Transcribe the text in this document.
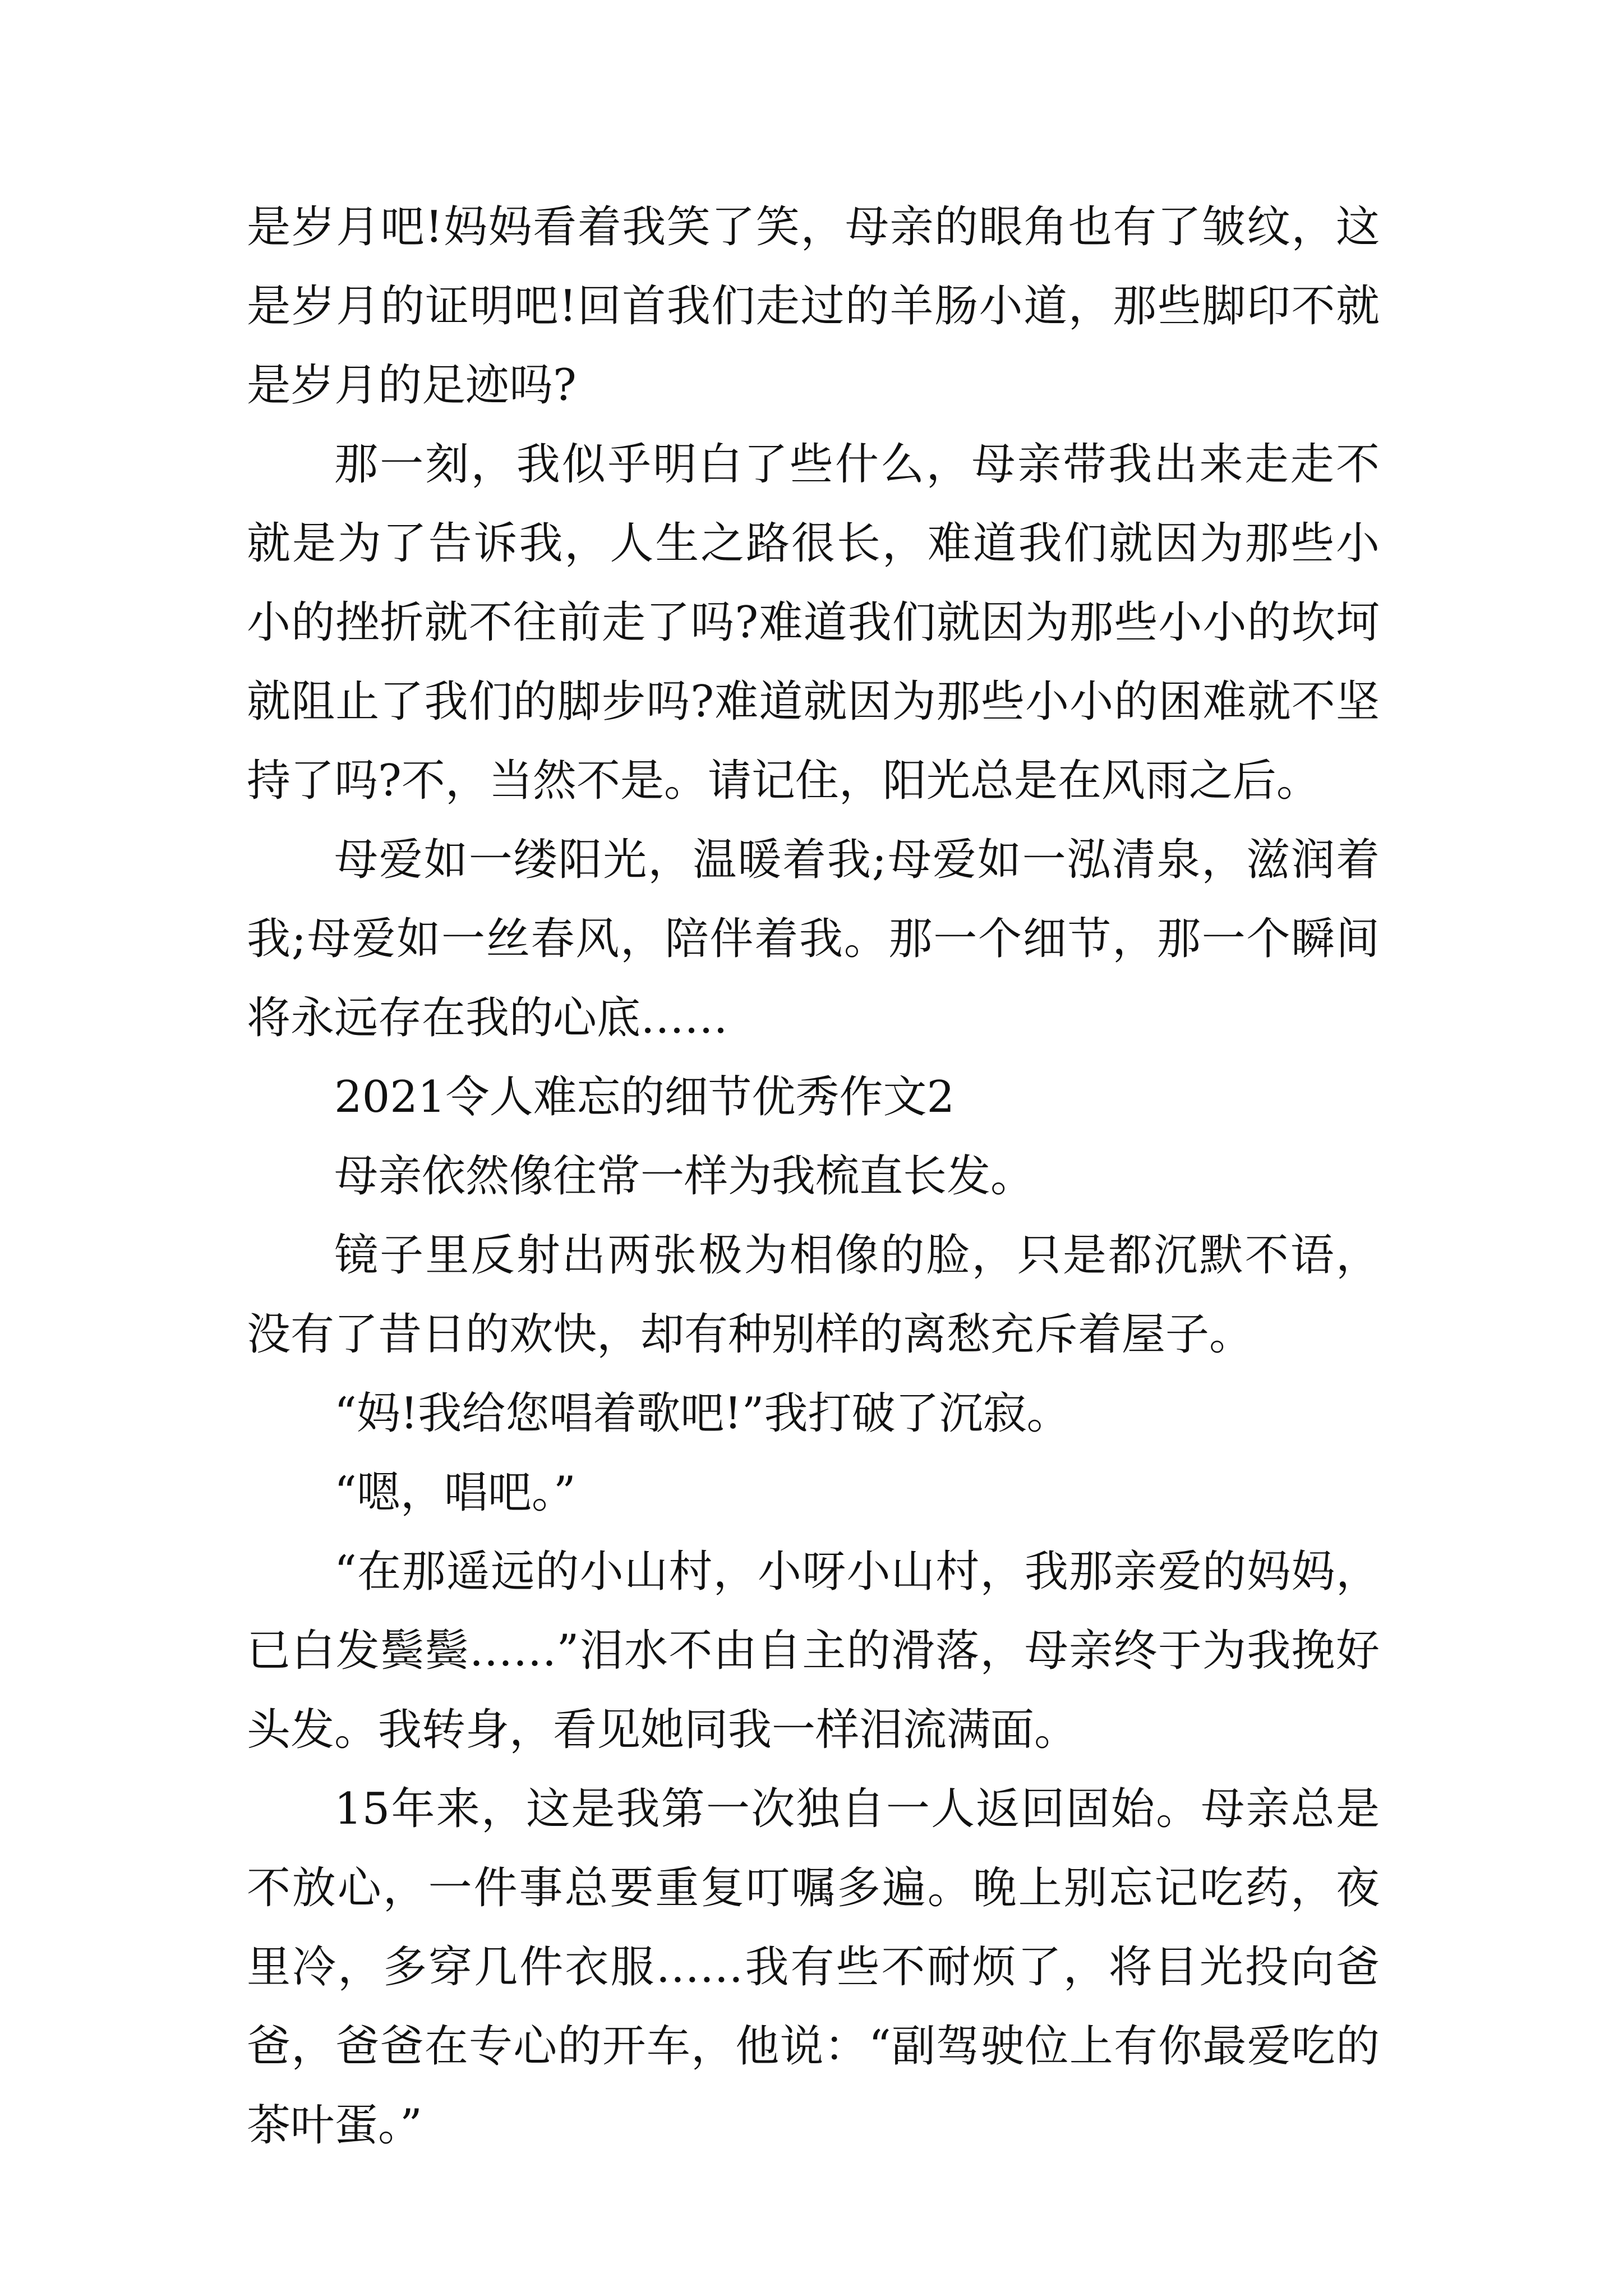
是岁月吧!妈妈看着我笑了笑，母亲的眼角也有了皱纹，这是岁月的证明吧!回首我们走过的羊肠小道，那些脚印不就是岁月的足迹吗?

那一刻，我似乎明白了些什么，母亲带我出来走走不就是为了告诉我，人生之路很长，难道我们就因为那些小小的挫折就不往前走了吗?难道我们就因为那些小小的坎坷就阻止了我们的脚步吗?难道就因为那些小小的困难就不坚持了吗?不，当然不是。请记住，阳光总是在风雨之后。

母爱如一缕阳光，温暖着我;母爱如一泓清泉，滋润着我;母爱如一丝春风，陪伴着我。那一个细节，那一个瞬间将永远存在我的心底……

2021令人难忘的细节优秀作文2

母亲依然像往常一样为我梳直长发。

镜子里反射出两张极为相像的脸，只是都沉默不语，没有了昔日的欢快，却有种别样的离愁充斥着屋子。

“妈!我给您唱着歌吧!”我打破了沉寂。

“嗯，唱吧。”

“在那遥远的小山村，小呀小山村，我那亲爱的妈妈，已白发鬓鬓……”泪水不由自主的滑落，母亲终于为我挽好头发。我转身，看见她同我一样泪流满面。

15年来，这是我第一次独自一人返回固始。母亲总是不放心，一件事总要重复叮嘱多遍。晚上别忘记吃药，夜里冷，多穿几件衣服……我有些不耐烦了，将目光投向爸爸，爸爸在专心的开车，他说：“副驾驶位上有你最爱吃的茶叶蛋。”
